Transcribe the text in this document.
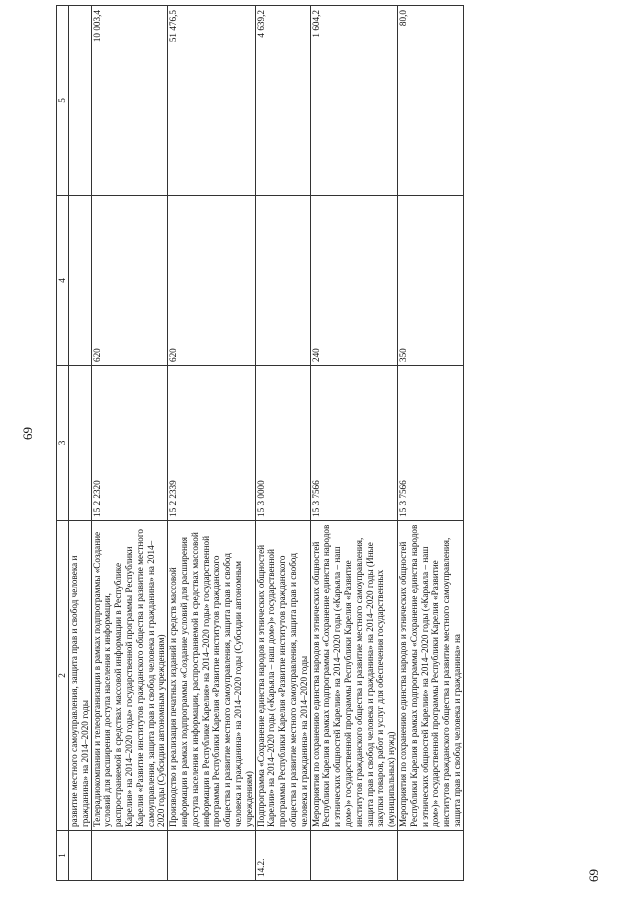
69
69
1	2	3	4	5
	развитие местного самоуправления, защита прав и свобод человека и гражданина» на 2014–2020 годы			
	Телерадиокомпании и телеорганизации в рамках подпрограммы «Создание условий для расширения доступа населения к информации, распространяемой в средствах массовой информации в Республике Карелия» на 2014–2020 годы» государственной программы Республики Карелия «Развитие институтов гражданского общества и развитие местного самоуправления, защита прав и свобод человека и гражданина» на 2014–2020 годы (Субсидии автономным учреждениям)	15 2 2320	620	10 003,4
	Производство и реализация печатных изданий и средств массовой информации в рамках подпрограммы «Создание условий для расширения доступа населения к информации, распространяемой в средствах массовой информации в Республике Карелия» на 2014–2020 годы» государственной программы Республики Карелия «Развитие институтов гражданского общества и развитие местного самоуправления, защита прав и свобод человека и гражданина» на 2014–2020 годы (Субсидии автономным учреждениям)	15 2 2339	620	51 476,5
14.2.	Подпрограмма «Сохранение единства народов и этнических общностей Карелии» на 2014–2020 годы («Карьяла – наш дом»)» государственной программы Республики Карелия «Развитие институтов гражданского общества и развитие местного самоуправления, защита прав и свобод человека и гражданина» на 2014–2020 годы	15 3 0000		4 639,2
	Мероприятия по сохранению единства народов и этнических общностей Республики Карелия в рамках подпрограммы «Сохранение единства народов и этнических общностей Карелии» на 2014–2020 годы («Карьяла – наш дом»)» государственной программы Республики Карелия «Развитие институтов гражданского общества и развитие местного самоуправления, защита прав и свобод человека и гражданина» на 2014–2020 годы (Иные закупки товаров, работ и услуг для обеспечения государственных (муниципальных) нужд)	15 3 7566	240	1 604,2
	Мероприятия по сохранению единства народов и этнических общностей Республики Карелия в рамках подпрограммы «Сохранение единства народов и этнических общностей Карелии» на 2014–2020 годы («Карьяла – наш дом»)» государственной программы Республики Карелия «Развитие институтов гражданского общества и развитие местного самоуправления, защита прав и свобод человека и гражданина» на	15 3 7566	350	80,0
